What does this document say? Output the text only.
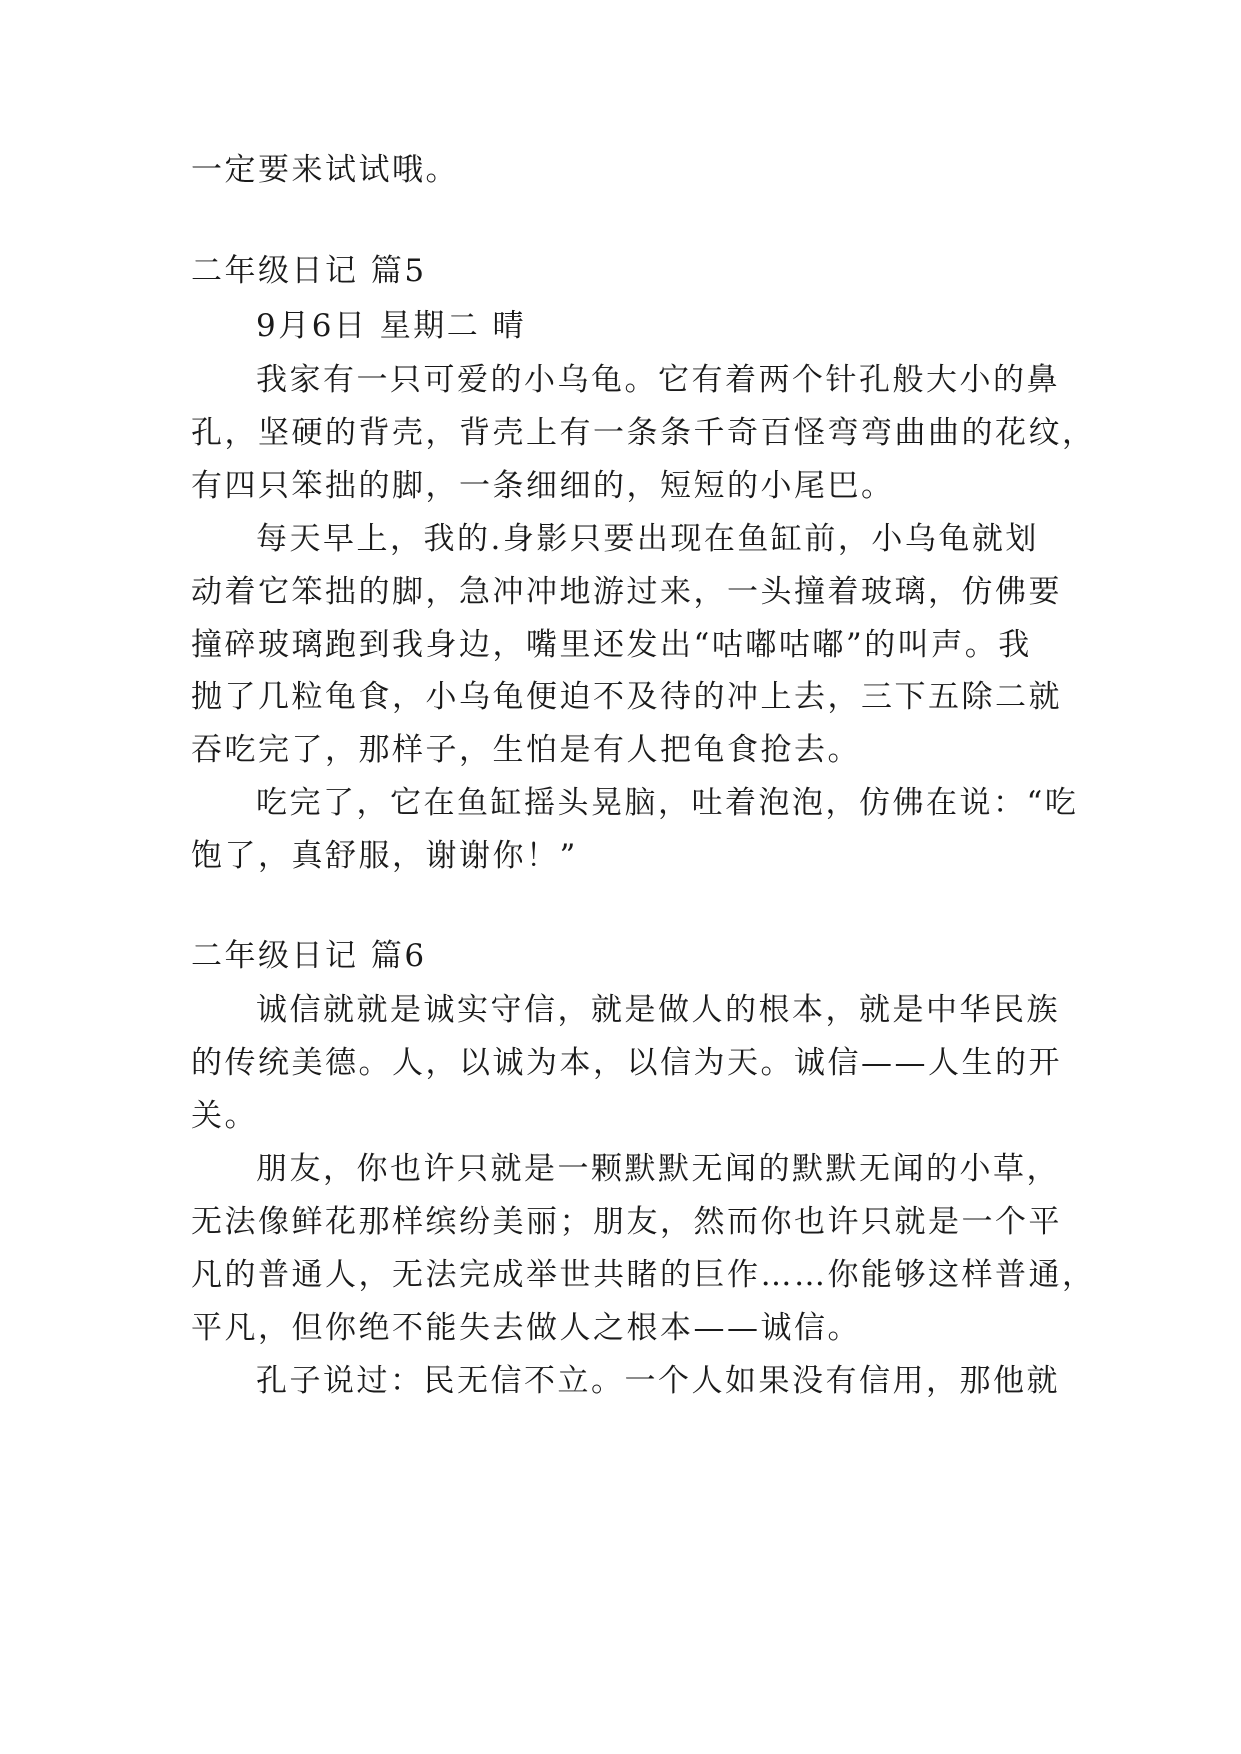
一定要来试试哦。
二年级日记 篇5
9月6日 星期二 晴
我家有一只可爱的小乌龟。它有着两个针孔般大小的鼻
孔，坚硬的背壳，背壳上有一条条千奇百怪弯弯曲曲的花纹，
有四只笨拙的脚，一条细细的，短短的小尾巴。
每天早上，我的.身影只要出现在鱼缸前，小乌龟就划
动着它笨拙的脚，急冲冲地游过来，一头撞着玻璃，仿佛要
撞碎玻璃跑到我身边，嘴里还发出“咕嘟咕嘟”的叫声。我
抛了几粒龟食，小乌龟便迫不及待的冲上去，三下五除二就
吞吃完了，那样子，生怕是有人把龟食抢去。
吃完了，它在鱼缸摇头晃脑，吐着泡泡，仿佛在说：“吃
饱了，真舒服，谢谢你！”
二年级日记 篇6
诚信就就是诚实守信，就是做人的根本，就是中华民族
的传统美德。人，以诚为本，以信为天。诚信——人生的开
关。
朋友，你也许只就是一颗默默无闻的默默无闻的小草，
无法像鲜花那样缤纷美丽；朋友，然而你也许只就是一个平
凡的普通人，无法完成举世共睹的巨作……你能够这样普通，
平凡，但你绝不能失去做人之根本——诚信。
孔子说过：民无信不立。一个人如果没有信用，那他就
